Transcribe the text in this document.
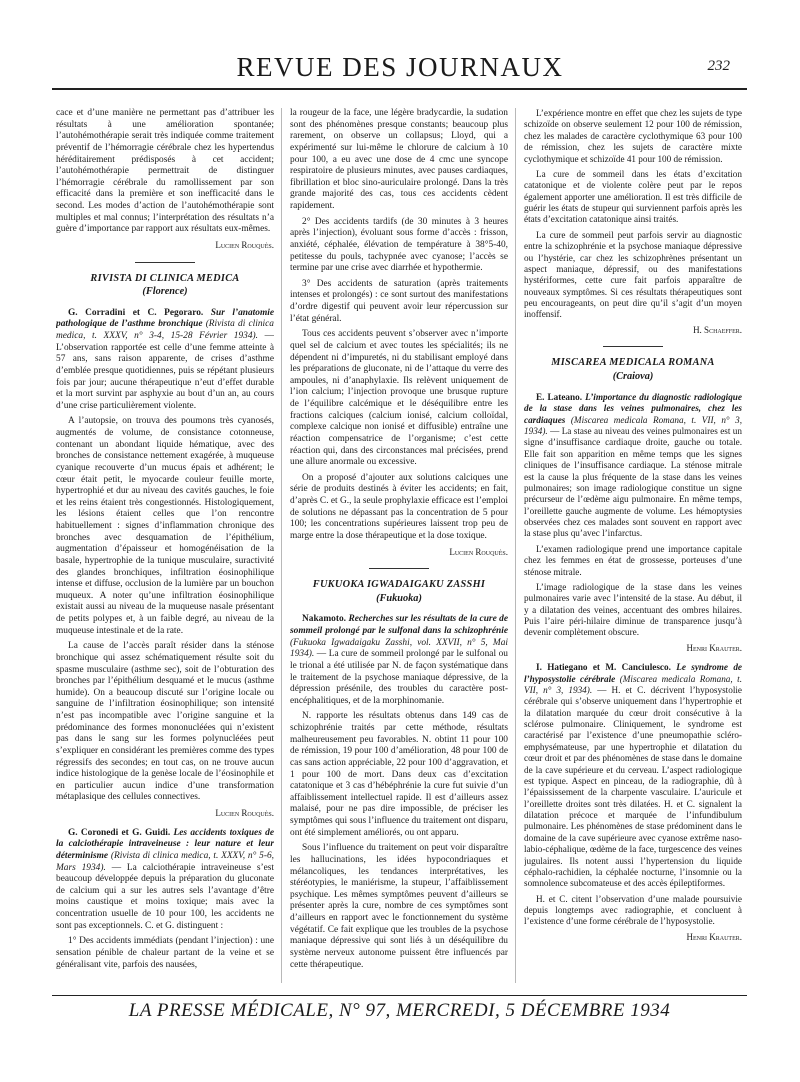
REVUE DES JOURNAUX	232

cace et d’une manière ne permettant pas d’attribuer les résultats à une amélioration spontanée; l’autohémothérapie serait très indiquée comme traitement préventif de l’hémorragie cérébrale chez les hypertendus héréditairement prédisposés à cet accident; l’autohémothérapie permettrait de distinguer l’hémorragie cérébrale du ramollissement par son efficacité dans la première et son inefficacité dans le second. Les modes d’action de l’autohémothérapie sont multiples et mal connus; l’interprétation des résultats n’a guère d’importance par rapport aux résultats eux-mêmes.

Lucien Rouquès.
RIVISTA DI CLINICA MEDICA
(Florence)

G. Corradini et C. Pegoraro. Sur l’anatomie pathologique de l’asthme bronchique (Rivista di clinica medica, t. XXXV, n° 3-4, 15-28 Février 1934). — L’observation rapportée est celle d’une femme atteinte à 57 ans, sans raison apparente, de crises d’asthme d’emblée presque quotidiennes, puis se répétant plusieurs fois par jour; aucune thérapeutique n’eut d’effet durable et la mort survint par asphyxie au bout d’un an, au cours d’une crise particulièrement violente.

A l’autopsie, on trouva des poumons très cyanosés, augmentés de volume, de consistance cotonneuse, contenant un abondant liquide hématique, avec des bronches de consistance nettement exagérée, à muqueuse cyanique recouverte d’un mucus épais et adhérent; le cœur était petit, le myocarde couleur feuille morte, hypertrophié et dur au niveau des cavités gauches, le foie et les reins étaient très congestionnés. Histologiquement, les lésions étaient celles que l’on rencontre habituellement : signes d’inflammation chronique des bronches avec desquamation de l’épithélium, augmentation d’épaisseur et homogénéisation de la basale, hypertrophie de la tunique musculaire, suractivité des glandes bronchiques, infiltration éosinophilique intense et diffuse, occlusion de la lumière par un bouchon muqueux. A noter qu’une infiltration éosinophilique existait aussi au niveau de la muqueuse nasale présentant de petits polypes et, à un faible degré, au niveau de la muqueuse intestinale et de la rate.

La cause de l’accès paraît résider dans la sténose bronchique qui assez schématiquement résulte soit du spasme musculaire (asthme sec), soit de l’obturation des bronches par l’épithélium desquamé et le mucus (asthme humide). On a beaucoup discuté sur l’origine locale ou sanguine de l’infiltration éosinophilique; son intensité n’est pas incompatible avec l’origine sanguine et la prédominance des formes mononucléées qui n’existent pas dans le sang sur les formes polynucléées peut s’expliquer en considérant les premières comme des types régressifs des secondes; en tout cas, on ne trouve aucun indice histologique de la genèse locale de l’éosinophile et en particulier aucun indice d’une transformation métaplasique des cellules connectives.

Lucien Rouquès.

G. Coronedi et G. Guidi. Les accidents toxiques de la calciothérapie intraveineuse : leur nature et leur déterminisme (Rivista di clinica medica, t. XXXV, n° 5-6, Mars 1934). — La calciothérapie intraveineuse s’est beaucoup développée depuis la préparation du gluconate de calcium qui a sur les autres sels l’avantage d’être moins caustique et moins toxique; mais avec la concentration usuelle de 10 pour 100, les accidents ne sont pas exceptionnels. C. et G. distinguent :

1° Des accidents immédiats (pendant l’injection) : une sensation pénible de chaleur partant de la veine et se généralisant vite, parfois des nausées,

la rougeur de la face, une légère bradycardie, la sudation sont des phénomènes presque constants; beaucoup plus rarement, on observe un collapsus; Lloyd, qui a expérimenté sur lui-même le chlorure de calcium à 10 pour 100, a eu avec une dose de 4 cmc une syncope respiratoire de plusieurs minutes, avec pauses cardiaques, fibrillation et bloc sino-auriculaire prolongé. Dans la très grande majorité des cas, tous ces accidents cèdent rapidement.

2° Des accidents tardifs (de 30 minutes à 3 heures après l’injection), évoluant sous forme d’accès : frisson, anxiété, céphalée, élévation de température à 38°5-40, petitesse du pouls, tachypnée avec cyanose; l’accès se termine par une crise avec diarrhée et hypothermie.

3° Des accidents de saturation (après traitements intenses et prolongés) : ce sont surtout des manifestations d’ordre digestif qui peuvent avoir leur répercussion sur l’état général.

Tous ces accidents peuvent s’observer avec n’importe quel sel de calcium et avec toutes les spécialités; ils ne dépendent ni d’impuretés, ni du stabilisant employé dans les préparations de gluconate, ni de l’attaque du verre des ampoules, ni d’anaphylaxie. Ils relèvent uniquement de l’ion calcium; l’injection provoque une brusque rupture de l’équilibre calcémique et le déséquilibre entre les fractions calciques (calcium ionisé, calcium colloïdal, complexe calcique non ionisé et diffusible) entraîne une réaction compensatrice de l’organisme; c’est cette réaction qui, dans des circonstances mal précisées, prend une allure anormale ou excessive.

On a proposé d’ajouter aux solutions calciques une série de produits destinés à éviter les accidents; en fait, d’après C. et G., la seule prophylaxie efficace est l’emploi de solutions ne dépassant pas la concentration de 5 pour 100; les concentrations supérieures laissent trop peu de marge entre la dose thérapeutique et la dose toxique.

Lucien Rouquès.
FUKUOKA IGWADAIGAKU ZASSHI
(Fukuoka)

Nakamoto. Recherches sur les résultats de la cure de sommeil prolongé par le sulfonal dans la schizophrénie (Fukuoka Igwadaigaku Zasshi, vol. XXVII, n° 5, Mai 1934). — La cure de sommeil prolongé par le sulfonal ou le trional a été utilisée par N. de façon systématique dans le traitement de la psychose maniaque dépressive, de la dépression présénile, des troubles du caractère post-encéphalitiques, et de la morphinomanie.

N. rapporte les résultats obtenus dans 149 cas de schizophrénie traités par cette méthode, résultats malheureusement peu favorables. N. obtint 11 pour 100 de rémission, 19 pour 100 d’amélioration, 48 pour 100 de cas sans action appréciable, 22 pour 100 d’aggravation, et 1 pour 100 de mort. Dans deux cas d’excitation catatonique et 3 cas d’hébéphrénie la cure fut suivie d’un affaiblissement intellectuel rapide. Il est d’ailleurs assez malaisé, pour ne pas dire impossible, de préciser les symptômes qui sous l’influence du traitement ont disparu, ont été simplement améliorés, ou ont apparu.

Sous l’influence du traitement on peut voir disparaître les hallucinations, les idées hypocondriaques et mélancoliques, les tendances interprétatives, les stéréotypies, le maniérisme, la stupeur, l’affaiblissement psychique. Les mêmes symptômes peuvent d’ailleurs se présenter après la cure, nombre de ces symptômes sont d’ailleurs en rapport avec le fonctionnement du système végétatif. Ce fait explique que les troubles de la psychose maniaque dépressive qui sont liés à un déséquilibre du système nerveux autonome puissent être influencés par cette thérapeutique.

L’expérience montre en effet que chez les sujets de type schizoïde on observe seulement 12 pour 100 de rémission, chez les malades de caractère cyclothymique 63 pour 100 de rémission, chez les sujets de caractère mixte cyclothymique et schizoïde 41 pour 100 de rémission.

La cure de sommeil dans les états d’excitation catatonique et de violente colère peut par le repos également apporter une amélioration. Il est très difficile de guérir les états de stupeur qui surviennent parfois après les états d’excitation catatonique ainsi traités.

La cure de sommeil peut parfois servir au diagnostic entre la schizophrénie et la psychose maniaque dépressive ou l’hystérie, car chez les schizophrènes présentant un aspect maniaque, dépressif, ou des manifestations hystériformes, cette cure fait parfois apparaître de nouveaux symptômes. Si ces résultats thérapeutiques sont peu encourageants, on peut dire qu’il s’agit d’un moyen inoffensif.

H. Schaeffer.
MISCAREA MEDICALA ROMANA
(Craiova)

E. Lateano. L’importance du diagnostic radiologique de la stase dans les veines pulmonaires, chez les cardiaques (Miscarea medicala Romana, t. VII, n° 3, 1934). — La stase au niveau des veines pulmonaires est un signe d’insuffisance cardiaque droite, gauche ou totale. Elle fait son apparition en même temps que les signes cliniques de l’insuffisance cardiaque. La sténose mitrale est la cause la plus fréquente de la stase dans les veines pulmonaires; son image radiologique constitue un signe précurseur de l’œdème aigu pulmonaire. En même temps, l’oreillette gauche augmente de volume. Les hémoptysies observées chez ces malades sont souvent en rapport avec la stase plus qu’avec l’infarctus.

L’examen radiologique prend une importance capitale chez les femmes en état de grossesse, porteuses d’une sténose mitrale.

L’image radiologique de la stase dans les veines pulmonaires varie avec l’intensité de la stase. Au début, il y a dilatation des veines, accentuant des ombres hilaires. Puis l’aire péri-hilaire diminue de transparence jusqu’à devenir complètement obscure.

Henri Krauter.

I. Hatiegano et M. Canciulesco. Le syndrome de l’hyposystolie cérébrale (Miscarea medicala Romana, t. VII, n° 3, 1934). — H. et C. décrivent l’hyposystolie cérébrale qui s’observe uniquement dans l’hypertrophie et la dilatation marquée du cœur droit consécutive à la sclérose pulmonaire. Cliniquement, le syndrome est caractérisé par l’existence d’une pneumopathie scléro-emphysémateuse, par une hypertrophie et dilatation du cœur droit et par des phénomènes de stase dans le domaine de la cave supérieure et du cerveau. L’aspect radiologique est typique. Aspect en pinceau, de la radiographie, dû à l’épaississement de la charpente vasculaire. L’auricule et l’oreillette droites sont très dilatées. H. et C. signalent la dilatation précoce et marquée de l’infundibulum pulmonaire. Les phénomènes de stase prédominent dans le domaine de la cave supérieure avec cyanose extrême naso-labio-céphalique, œdème de la face, turgescence des veines jugulaires. Ils notent aussi l’hypertension du liquide céphalo-rachidien, la céphalée nocturne, l’insomnie ou la somnolence subcomateuse et des accès épileptiformes.

H. et C. citent l’observation d’une malade poursuivie depuis longtemps avec radiographie, et concluent à l’existence d’une forme cérébrale de l’hyposystolie.

Henri Krauter.
LA PRESSE MÉDICALE, N° 97, MERCREDI, 5 DÉCEMBRE 1934
